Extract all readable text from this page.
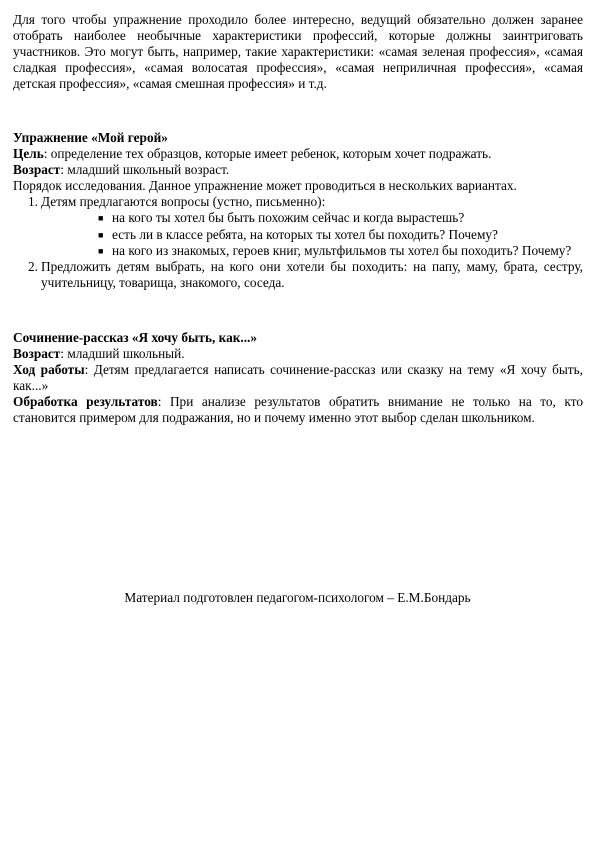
Для того чтобы упражнение проходило более интересно, ведущий обязательно должен заранее отобрать наиболее необычные характеристики профессий, которые должны заинтриговать участников. Это могут быть, например, такие характеристики: «самая зеленая профессия», «самая сладкая профессия», «самая волосатая профессия», «самая неприличная профессия», «самая детская профессия», «самая смешная профессия» и т.д.

Упражнение «Мой герой»

Цель: определение тех образцов, которые имеет ребенок, которым хочет подражать.

Возраст: младший школьный возраст.

Порядок исследования. Данное упражнение может проводиться в нескольких вариантах.

1. Детям предлагаются вопросы (устно, письменно):
■ на кого ты хотел бы быть похожим сейчас и когда вырастешь?
■ есть ли в классе ребята, на которых ты хотел бы походить? Почему?
■ на кого из знакомых, героев книг, мультфильмов ты хотел бы походить? Почему?
2. Предложить детям выбрать, на кого они хотели бы походить: на папу, маму, брата, сестру, учительницу, товарища, знакомого, соседа.

Сочинение-рассказ «Я хочу быть, как...»

Возраст: младший школьный.

Ход работы: Детям предлагается написать сочинение-рассказ или сказку на тему «Я хочу быть, как...»

Обработка результатов: При анализе результатов обратить внимание не только на то, кто становится примером для подражания, но и почему именно этот выбор сделан школьником.

Материал подготовлен педагогом-психологом – Е.М.Бондарь
